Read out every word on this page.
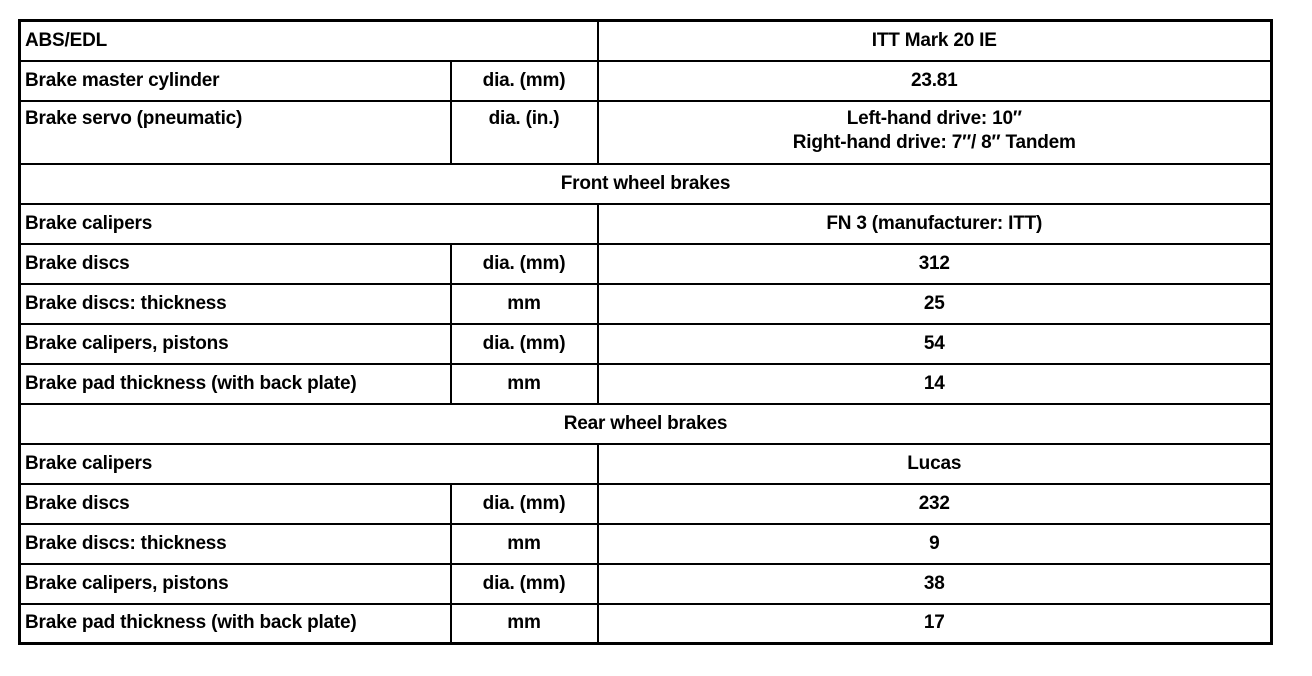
ABS/EDL		ITT Mark 20 IE
Brake master cylinder	dia. (mm)	23.81
Brake servo (pneumatic)	dia. (in.)	Left-hand drive: 10″
Right-hand drive: 7″/ 8″ Tandem

Front wheel brakes		
Brake calipers		FN 3 (manufacturer: ITT)
Brake discs	dia. (mm)	312
Brake discs: thickness	mm	25
Brake calipers, pistons	dia. (mm)	54
Brake pad thickness (with back plate)	mm	14
Rear wheel brakes		
Brake calipers		Lucas
Brake discs	dia. (mm)	232
Brake discs: thickness	mm	9
Brake calipers, pistons	dia. (mm)	38
Brake pad thickness (with back plate)	mm	17
